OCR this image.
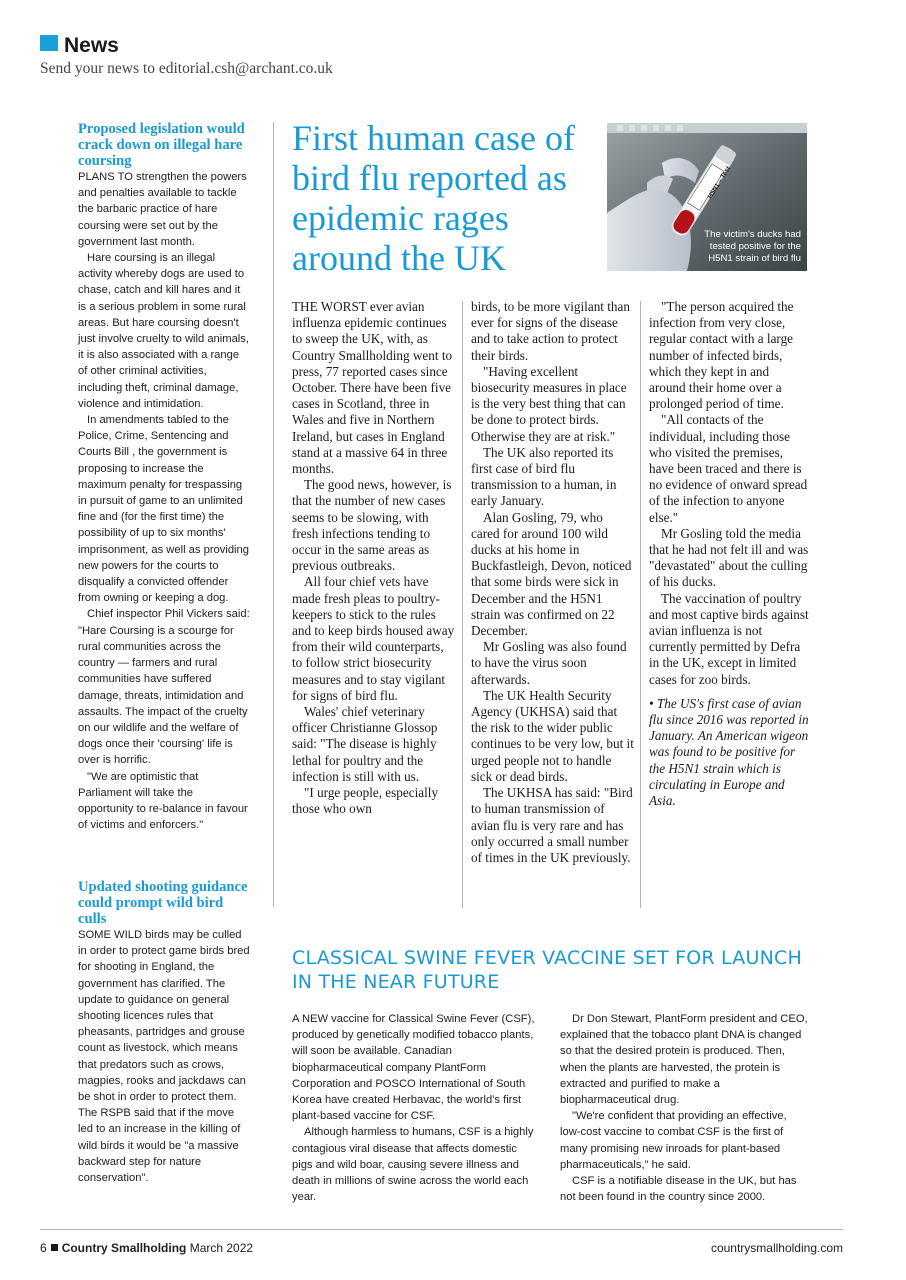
News
Send your news to editorial.csh@archant.co.uk
Proposed legislation would crack down on illegal hare coursing

PLANS TO strengthen the powers and penalties available to tackle the barbaric practice of hare coursing were set out by the government last month.

Hare coursing is an illegal activity whereby dogs are used to chase, catch and kill hares and it is a serious problem in some rural areas. But hare coursing doesn't just involve cruelty to wild animals, it is also associated with a range of other criminal activities, including theft, criminal damage, violence and intimidation.

In amendments tabled to the Police, Crime, Sentencing and Courts Bill , the government is proposing to increase the maximum penalty for trespassing in pursuit of game to an unlimited fine and (for the first time) the possibility of up to six months' imprisonment, as well as providing new powers for the courts to disqualify a convicted offender from owning or keeping a dog.

Chief inspector Phil Vickers said: "Hare Coursing is a scourge for rural communities across the country — farmers and rural communities have suffered damage, threats, intimidation and assaults. The impact of the cruelty on our wildlife and the welfare of dogs once their 'coursing' life is over is horrific.

"We are optimistic that Parliament will take the opportunity to re-balance in favour of victims and enforcers."

Updated shooting guidance could prompt wild bird culls

SOME WILD birds may be culled in order to protect game birds bred for shooting in England, the government has clarified. The update to guidance on general shooting licences rules that pheasants, partridges and grouse count as livestock, which means that predators such as crows, magpies, rooks and jackdaws can be shot in order to protect them. The RSPB said that if the move led to an increase in the killing of wild birds it would be "a massive backward step for nature conservation".

First human case of bird flu reported as epidemic rages around the UK
H5N1 – Test
The victim's ducks had tested positive for the H5N1 strain of bird flu

THE WORST ever avian influenza epidemic continues to sweep the UK, with, as Country Smallholding went to press, 77 reported cases since October. There have been five cases in Scotland, three in Wales and five in Northern Ireland, but cases in England stand at a massive 64 in three months.

The good news, however, is that the number of new cases seems to be slowing, with fresh infections tending to occur in the same areas as previous outbreaks.

All four chief vets have made fresh pleas to poultry-keepers to stick to the rules and to keep birds housed away from their wild counterparts, to follow strict biosecurity measures and to stay vigilant for signs of bird flu.

Wales' chief veterinary officer Christianne Glossop said: "The disease is highly lethal for poultry and the infection is still with us.

"I urge people, especially those who own

birds, to be more vigilant than ever for signs of the disease and to take action to protect their birds.

"Having excellent biosecurity measures in place is the very best thing that can be done to protect birds. Otherwise they are at risk."

The UK also reported its first case of bird flu transmission to a human, in early January.

Alan Gosling, 79, who cared for around 100 wild ducks at his home in Buckfastleigh, Devon, noticed that some birds were sick in December and the H5N1 strain was confirmed on 22 December.

Mr Gosling was also found to have the virus soon afterwards.

The UK Health Security Agency (UKHSA) said that the risk to the wider public continues to be very low, but it urged people not to handle sick or dead birds.

The UKHSA has said: "Bird to human transmission of avian flu is very rare and has only occurred a small number of times in the UK previously.

"The person acquired the infection from very close, regular contact with a large number of infected birds, which they kept in and around their home over a prolonged period of time.

"All contacts of the individual, including those who visited the premises, have been traced and there is no evidence of onward spread of the infection to anyone else."

Mr Gosling told the media that he had not felt ill and was "devastated" about the culling of his ducks.

The vaccination of poultry and most captive birds against avian influenza is not currently permitted by Defra in the UK, except in limited cases for zoo birds.

• The US's first case of avian flu since 2016 was reported in January. An American wigeon was found to be positive for the H5N1 strain which is circulating in Europe and Asia.

CLASSICAL SWINE FEVER VACCINE SET FOR LAUNCH IN THE NEAR FUTURE

A NEW vaccine for Classical Swine Fever (CSF), produced by genetically modified tobacco plants, will soon be available. Canadian biopharmaceutical company PlantForm Corporation and POSCO International of South Korea have created Herbavac, the world's first plant-based vaccine for CSF.

Although harmless to humans, CSF is a highly contagious viral disease that affects domestic pigs and wild boar, causing severe illness and death in millions of swine across the world each year.

Dr Don Stewart, PlantForm president and CEO, explained that the tobacco plant DNA is changed so that the desired protein is produced. Then, when the plants are harvested, the protein is extracted and purified to make a biopharmaceutical drug.

"We're confident that providing an effective, low-cost vaccine to combat CSF is the first of many promising new inroads for plant-based pharmaceuticals," he said.

CSF is a notifiable disease in the UK, but has not been found in the country since 2000.

6 Country Smallholding March 2022	countrysmallholding.com
